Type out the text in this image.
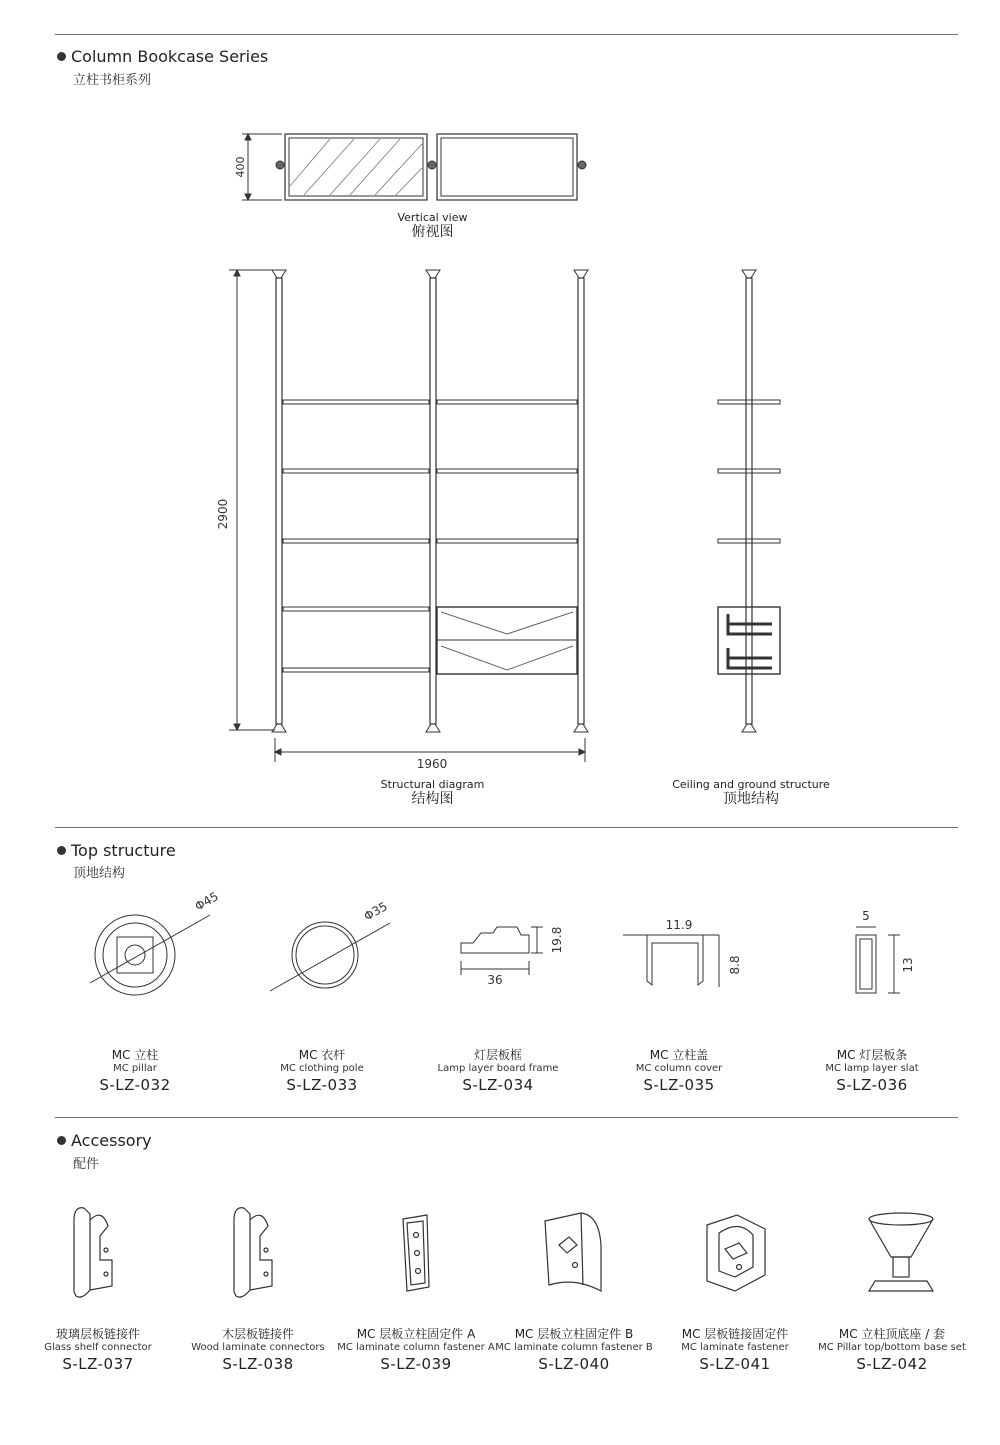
Column Bookcase Series
立柱书柜系列
400
Vertical view
俯视图
2900
1960
Structural diagram
结构图
Ceiling and ground structure
顶地结构
Top structure
顶地结构
Φ45	Φ35
19.8
36
11.9
8.8
5
13
MC 立柱
MC pillar
S-LZ-032
MC 衣杆
MC clothing pole
S-LZ-033
灯层板框
Lamp layer board frame
S-LZ-034
MC 立柱盖
MC column cover
S-LZ-035
MC 灯层板条
MC lamp layer slat
S-LZ-036
Accessory
配件
玻璃层板链接件
Glass shelf connector
S-LZ-037
木层板链接件
Wood laminate connectors
S-LZ-038
MC 层板立柱固定件 A
MC laminate column fastener A
S-LZ-039
MC 层板立柱固定件 B
MC laminate column fastener B
S-LZ-040
MC 层板链接固定件
MC laminate fastener
S-LZ-041
MC 立柱顶底座 / 套
MC Pillar top/bottom base set
S-LZ-042
